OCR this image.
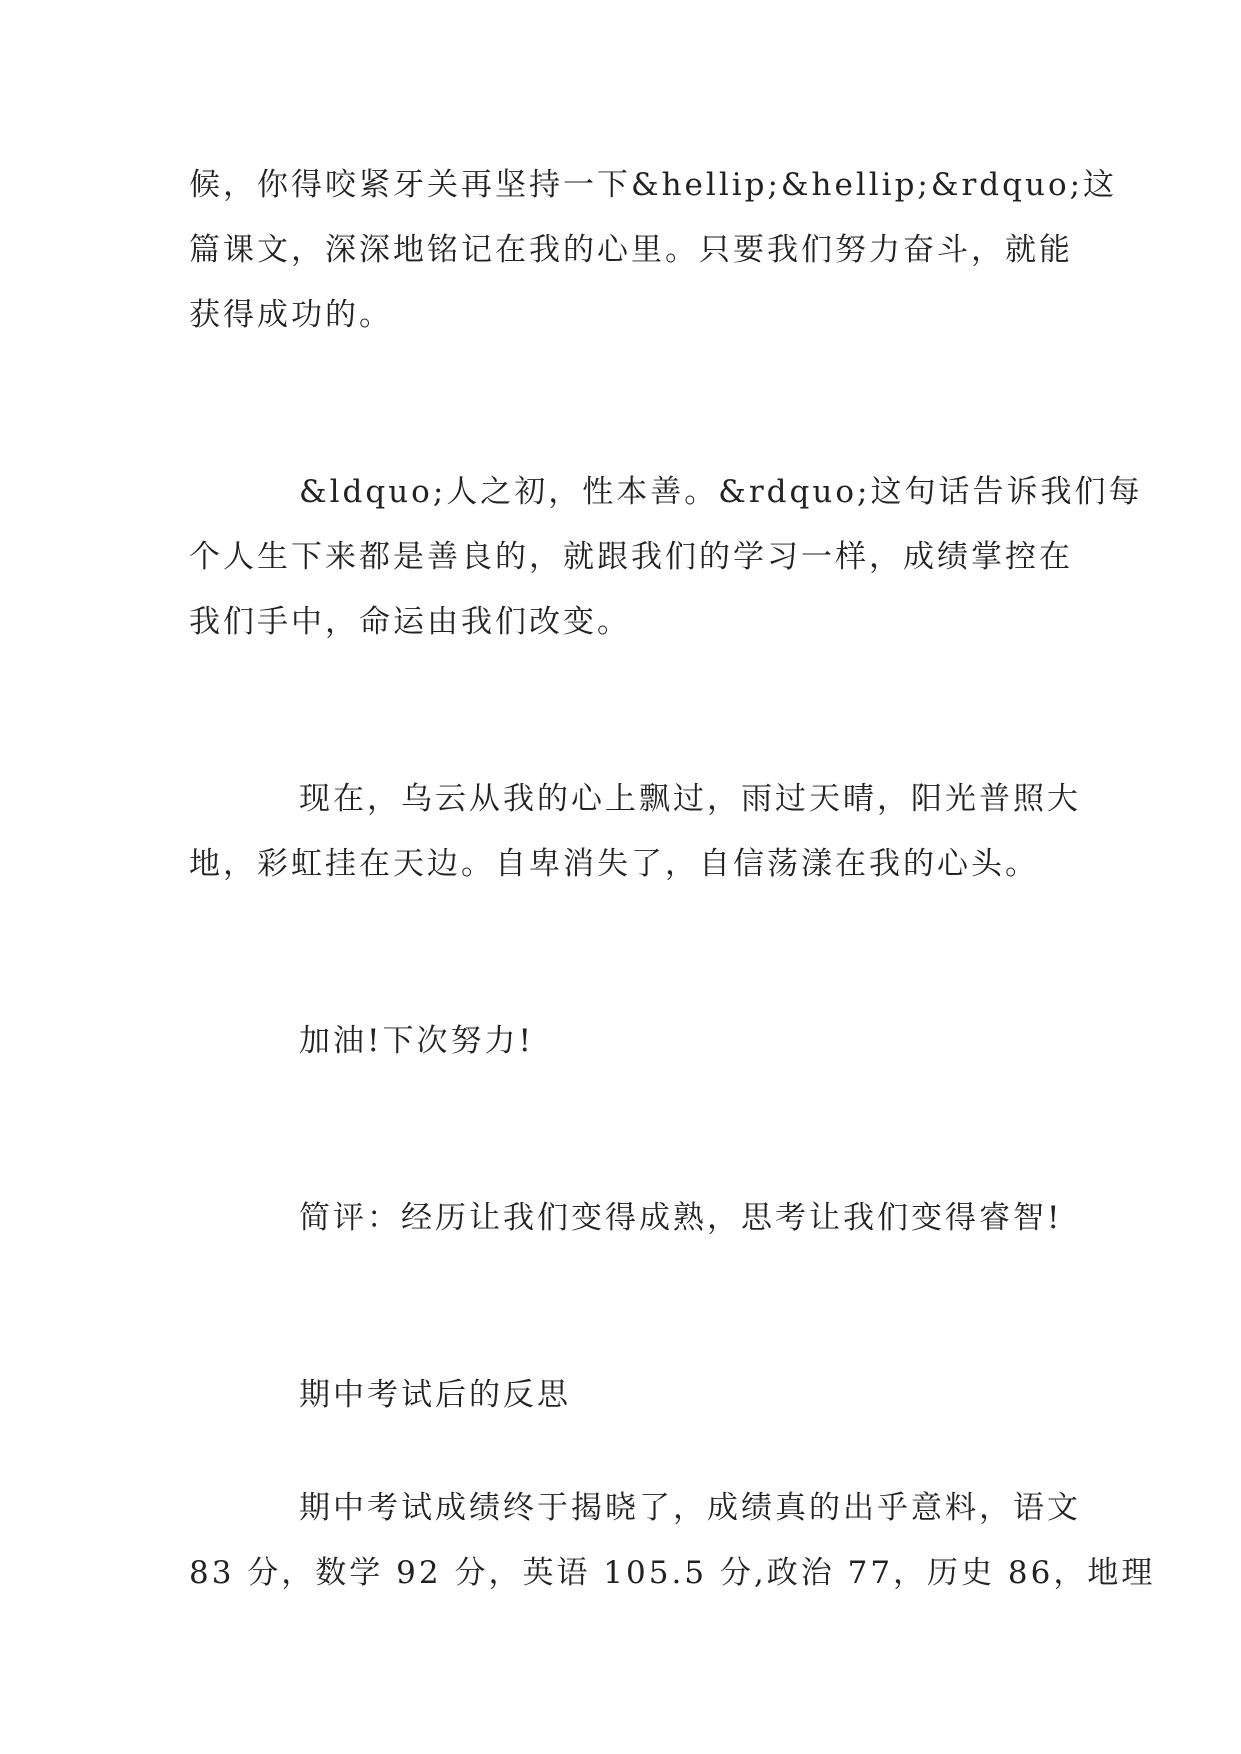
候，你得咬紧牙关再坚持一下&hellip;&hellip;&rdquo;这
篇课文，深深地铭记在我的心里。只要我们努力奋斗，就能
获得成功的。
&ldquo;人之初，性本善。&rdquo;这句话告诉我们每
个人生下来都是善良的，就跟我们的学习一样，成绩掌控在
我们手中，命运由我们改变。
现在，乌云从我的心上飘过，雨过天晴，阳光普照大
地，彩虹挂在天边。自卑消失了，自信荡漾在我的心头。
加油!下次努力!
简评：经历让我们变得成熟，思考让我们变得睿智!
期中考试后的反思
期中考试成绩终于揭晓了，成绩真的出乎意料，语文
83 分，数学 92 分，英语 105.5 分,政治 77，历史 86，地理
